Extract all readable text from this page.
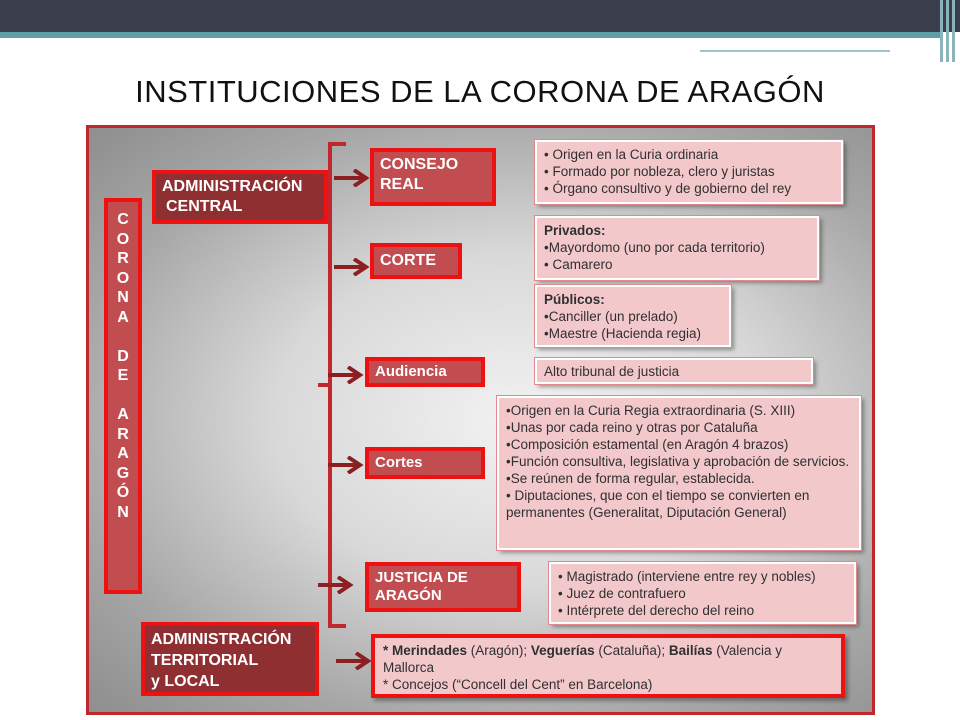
INSTITUCIONES DE LA CORONA DE ARAGÓN
C
O
R
O
N
A
D
E
A
R
A
G
Ó
N
ADMINISTRACIÓN
CENTRAL
ADMINISTRACIÓN
TERRITORIAL
y LOCAL
CONSEJO
REAL
CORTE
Audiencia
Cortes
JUSTICIA DE
ARAGÓN
• Origen en la Curia ordinaria
• Formado por nobleza, clero y juristas
• Órgano consultivo y de gobierno del rey
Privados:
•Mayordomo (uno por cada territorio)
• Camarero
Públicos:
•Canciller (un prelado)
•Maestre (Hacienda regia)
Alto tribunal de justicia
•Origen en la Curia Regia extraordinaria (S. XIII)
•Unas por cada reino y otras por Cataluña
•Composición estamental (en Aragón 4 brazos)
•Función consultiva, legislativa y aprobación de servicios.
•Se reúnen de forma regular, establecida.
• Diputaciones, que con el tiempo se convierten en permanentes (Generalitat, Diputación General)
• Magistrado (interviene entre rey y nobles)
• Juez de contrafuero
• Intérprete del derecho del reino
* Merindades (Aragón); Veguerías (Cataluña); Bailías (Valencia y Mallorca
* Concejos (“Concell del Cent” en Barcelona)
